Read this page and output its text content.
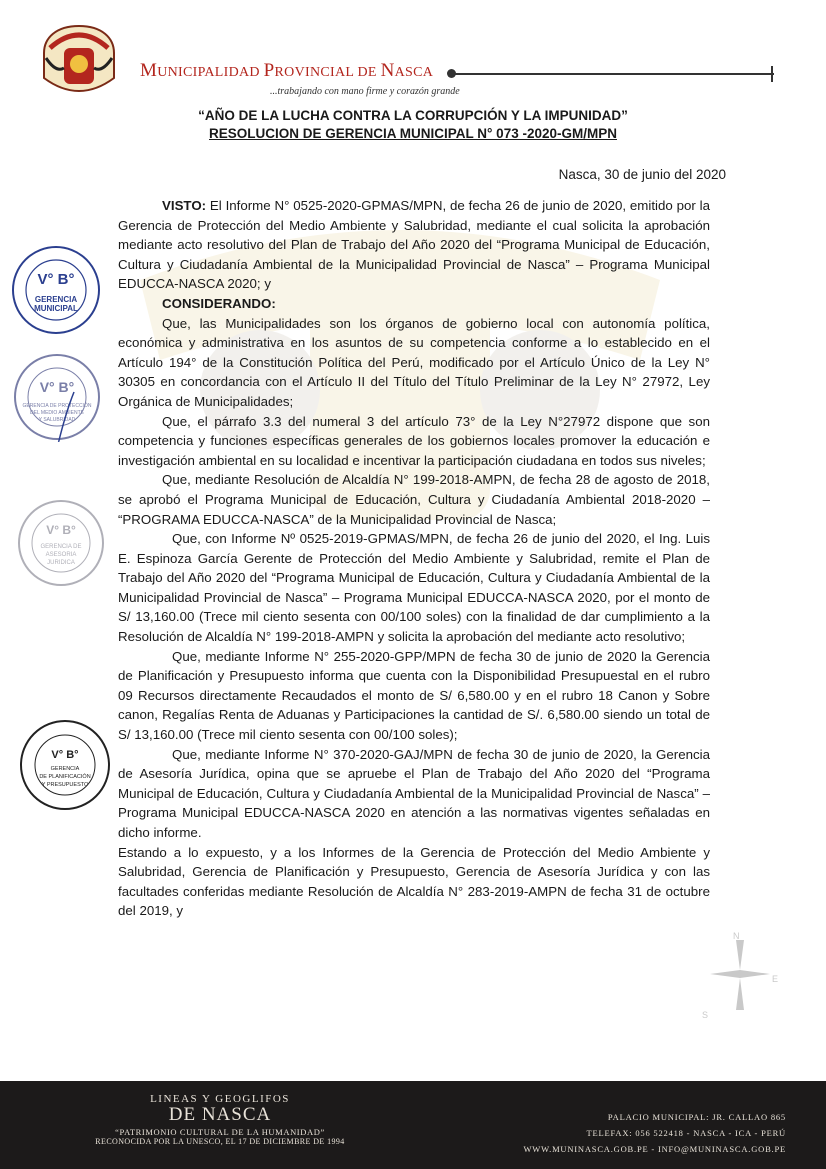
MUNICIPALIDAD PROVINCIAL DE NASCA
...trabajando con mano firme y corazón grande
“AÑO DE LA LUCHA CONTRA LA CORRUPCIÓN Y LA IMPUNIDAD”
RESOLUCION DE GERENCIA MUNICIPAL N° 073 -2020-GM/MPN
Nasca, 30 de junio del 2020

VISTO: El Informe N° 0525-2020-GPMAS/MPN, de fecha 26 de junio de 2020, emitido por la Gerencia de Protección del Medio Ambiente y Salubridad, mediante el cual solicita la aprobación mediante acto resolutivo del Plan de Trabajo del Año 2020 del “Programa Municipal de Educación, Cultura y Ciudadanía Ambiental de la Municipalidad Provincial de Nasca” – Programa Municipal EDUCCA-NASCA 2020; y

CONSIDERANDO:

Que, las Municipalidades son los órganos de gobierno local con autonomía política, económica y administrativa en los asuntos de su competencia conforme a lo establecido en el Artículo 194° de la Constitución Política del Perú, modificado por el Artículo Único de la Ley N° 30305 en concordancia con el Artículo II del Título del Título Preliminar de la Ley N° 27972, Ley Orgánica de Municipalidades;

Que, el párrafo 3.3 del numeral 3 del artículo 73° de la Ley N°27972 dispone que son competencia y funciones específicas generales de los gobiernos locales promover la educación e investigación ambiental en su localidad e incentivar la participación ciudadana en todos sus niveles;

Que, mediante Resolución de Alcaldía N° 199-2018-AMPN, de fecha 28 de agosto de 2018, se aprobó el Programa Municipal de Educación, Cultura y Ciudadanía Ambiental 2018-2020 – “PROGRAMA EDUCCA-NASCA” de la Municipalidad Provincial de Nasca;

Que, con Informe Nº 0525-2019-GPMAS/MPN, de fecha 26 de junio del 2020, el Ing. Luis E. Espinoza García Gerente de Protección del Medio Ambiente y Salubridad, remite el Plan de Trabajo del Año 2020 del “Programa Municipal de Educación, Cultura y Ciudadanía Ambiental de la Municipalidad Provincial de Nasca” – Programa Municipal EDUCCA-NASCA 2020, por el monto de S/ 13,160.00 (Trece mil ciento sesenta con 00/100 soles) con la finalidad de dar cumplimiento a la Resolución de Alcaldía N° 199-2018-AMPN y solicita la aprobación del mediante acto resolutivo;

Que, mediante Informe N° 255-2020-GPP/MPN de fecha 30 de junio de 2020 la Gerencia de Planificación y Presupuesto informa que cuenta con la Disponibilidad Presupuestal en el rubro 09 Recursos directamente Recaudados el monto de S/ 6,580.00 y en el rubro 18 Canon y Sobre canon, Regalías Renta de Aduanas y Participaciones la cantidad de S/. 6,580.00 siendo un total de S/ 13,160.00 (Trece mil ciento sesenta con 00/100 soles);

Que, mediante Informe N° 370-2020-GAJ/MPN de fecha 30 de junio de 2020, la Gerencia de Asesoría Jurídica, opina que se apruebe el Plan de Trabajo del Año 2020 del “Programa Municipal de Educación, Cultura y Ciudadanía Ambiental de la Municipalidad Provincial de Nasca” – Programa Municipal EDUCCA-NASCA 2020 en atención a las normativas vigentes señaladas en dicho informe.

Estando a lo expuesto, y a los Informes de la Gerencia de Protección del Medio Ambiente y Salubridad, Gerencia de Planificación y Presupuesto, Gerencia de Asesoría Jurídica y con las facultades conferidas mediante Resolución de Alcaldía N° 283-2019-AMPN de fecha 31 de octubre del 2019, y

V° B°
GERENCIA
MUNICIPAL
V° B°
GERENCIA DE PROTECCIÓN
DEL MEDIO AMBIENTE
Y SALUBRIDAD
V° B°
GERENCIA DE
ASESORIA
JURIDICA
V° B°
GERENCIA
DE PLANIFICACIÓN
Y PRESUPUESTO
N
E
S
LINEAS Y GEOGLIFOS
DE NASCA
“PATRIMONIO CULTURAL DE LA HUMANIDAD”
RECONOCIDA POR LA UNESCO, EL 17 DE DICIEMBRE DE 1994
PALACIO MUNICIPAL: JR. CALLAO 865
TELEFAX: 056 522418 - NASCA - ICA - PERÚ
WWW.MUNINASCA.GOB.PE - INFO@MUNINASCA.GOB.PE
